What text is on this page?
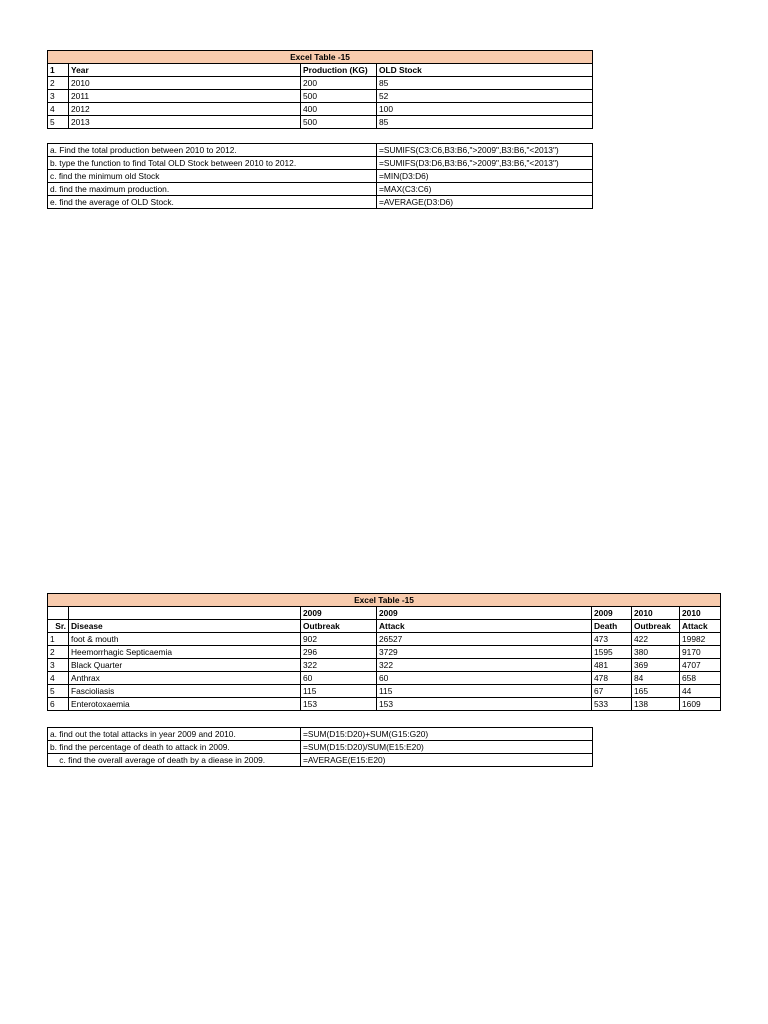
Excel Table -15			
1	Year	Production (KG)	OLD Stock
2	2010	200	85
3	2011	500	52
4	2012	400	100
5	2013	500	85
a. Find the total production between 2010 to 2012.	=SUMIFS(C3:C6,B3:B6,">2009",B3:B6,"<2013")
b. type the function to find Total OLD Stock between 2010 to 2012.	=SUMIFS(D3:D6,B3:B6,">2009",B3:B6,"<2013")
c. find the minimum old Stock	=MIN(D3:D6)
d. find the maximum production.	=MAX(C3:C6)
e. find the average of OLD Stock.	=AVERAGE(D3:D6)
Excel Table -15						
		2009	2009	2009	2010	2010
Sr.	Disease	Outbreak	Attack	Death	Outbreak	Attack
1	foot & mouth	902	26527	473	422	19982
2	Heemorrhagic Septicaemia	296	3729	1595	380	9170
3	Black Quarter	322	322	481	369	4707
4	Anthrax	60	60	478	84	658
5	Fascioliasis	115	115	67	165	44
6	Enterotoxaemia	153	153	533	138	1609
a. find out the total attacks in year 2009 and 2010.	=SUM(D15:D20)+SUM(G15:G20)
b. find the percentage of death to attack in 2009.	=SUM(D15:D20)/SUM(E15:E20)
c. find the overall average of death by a diease in 2009.	=AVERAGE(E15:E20)
